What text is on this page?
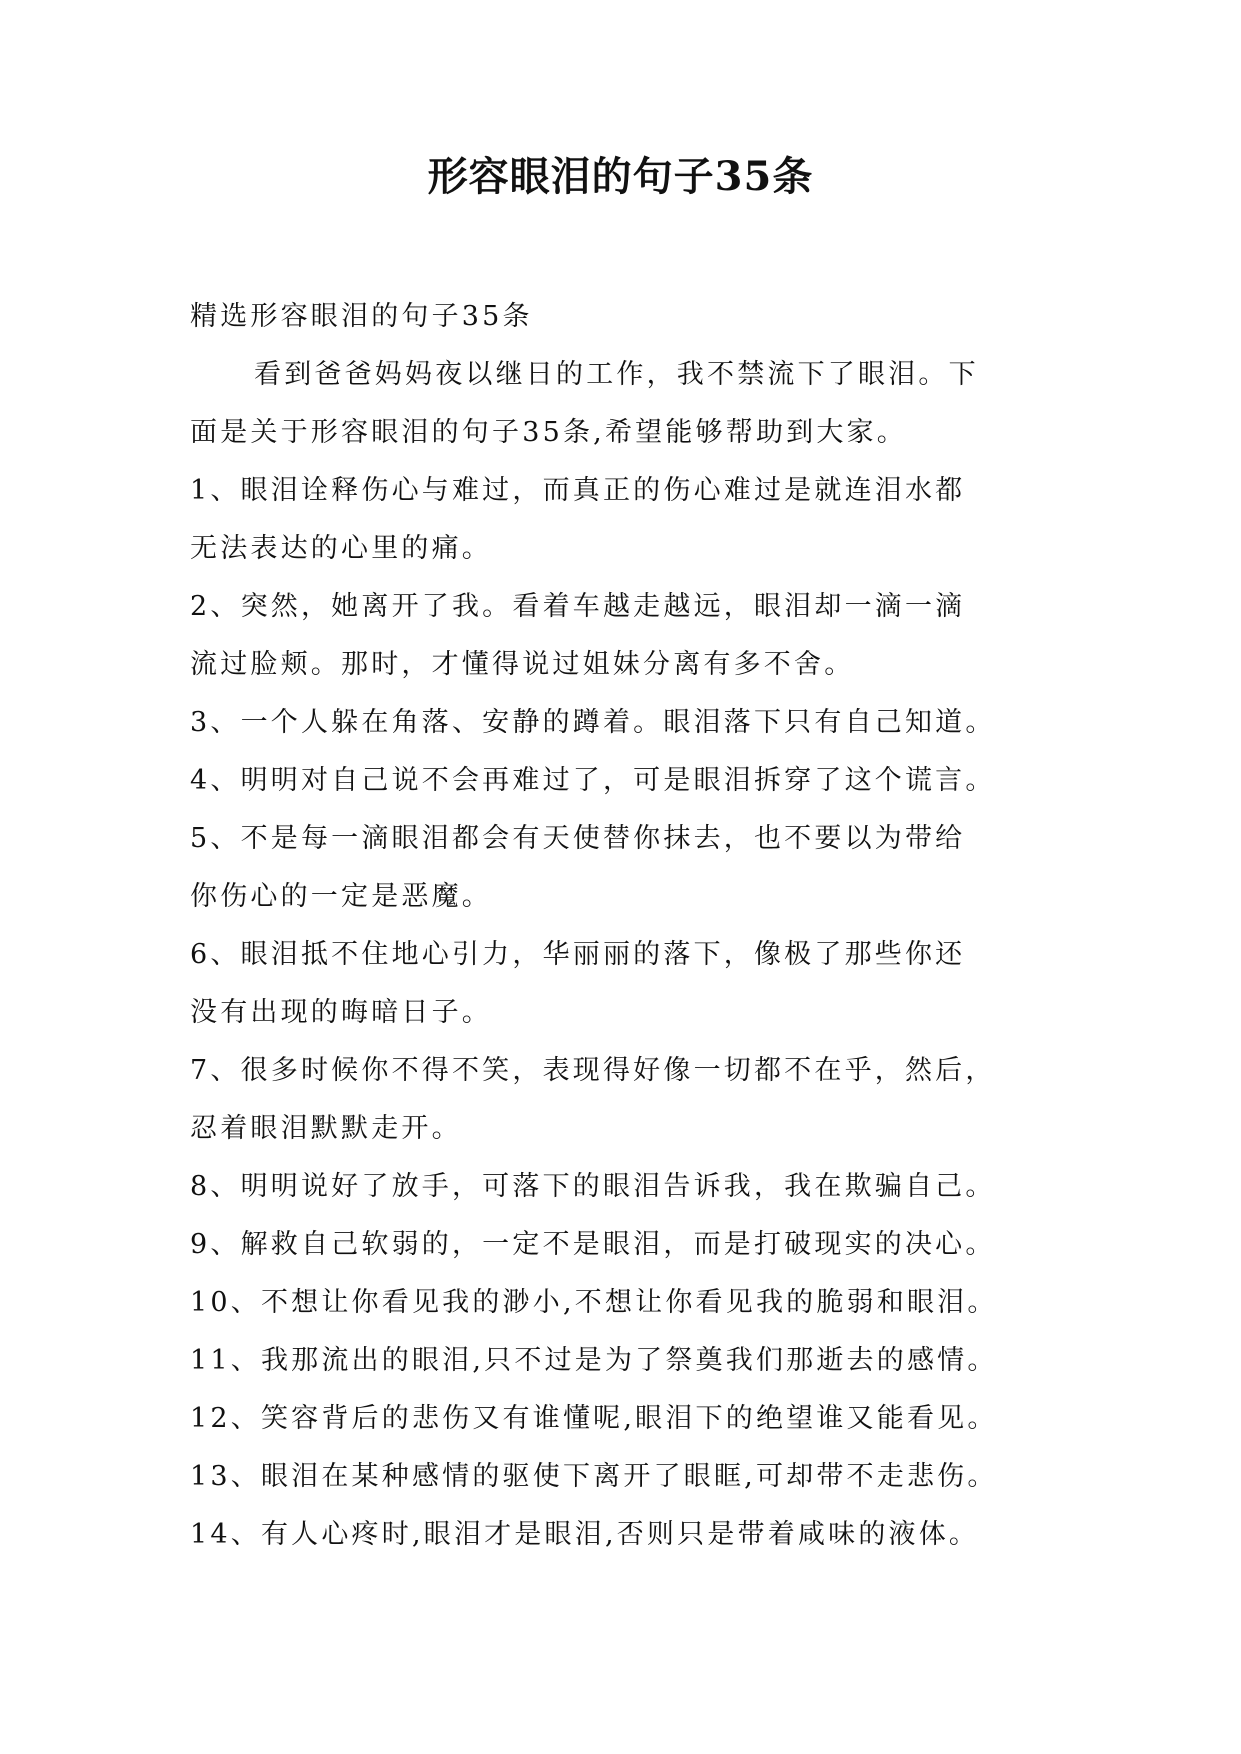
形容眼泪的句子35条

精选形容眼泪的句子35条

看到爸爸妈妈夜以继日的工作，我不禁流下了眼泪。下

面是关于形容眼泪的句子35条,希望能够帮助到大家。

1、眼泪诠释伤心与难过，而真正的伤心难过是就连泪水都

无法表达的心里的痛。

2、突然，她离开了我。看着车越走越远，眼泪却一滴一滴

流过脸颊。那时，才懂得说过姐妹分离有多不舍。

3、一个人躲在角落、安静的蹲着。眼泪落下只有自己知道。

4、明明对自己说不会再难过了，可是眼泪拆穿了这个谎言。

5、不是每一滴眼泪都会有天使替你抹去，也不要以为带给

你伤心的一定是恶魔。

6、眼泪抵不住地心引力，华丽丽的落下，像极了那些你还

没有出现的晦暗日子。

7、很多时候你不得不笑，表现得好像一切都不在乎，然后，

忍着眼泪默默走开。

8、明明说好了放手，可落下的眼泪告诉我，我在欺骗自己。

9、解救自己软弱的，一定不是眼泪，而是打破现实的决心。

10、不想让你看见我的渺小,不想让你看见我的脆弱和眼泪。

11、我那流出的眼泪,只不过是为了祭奠我们那逝去的感情。

12、笑容背后的悲伤又有谁懂呢,眼泪下的绝望谁又能看见。

13、眼泪在某种感情的驱使下离开了眼眶,可却带不走悲伤。

14、有人心疼时,眼泪才是眼泪,否则只是带着咸味的液体。
